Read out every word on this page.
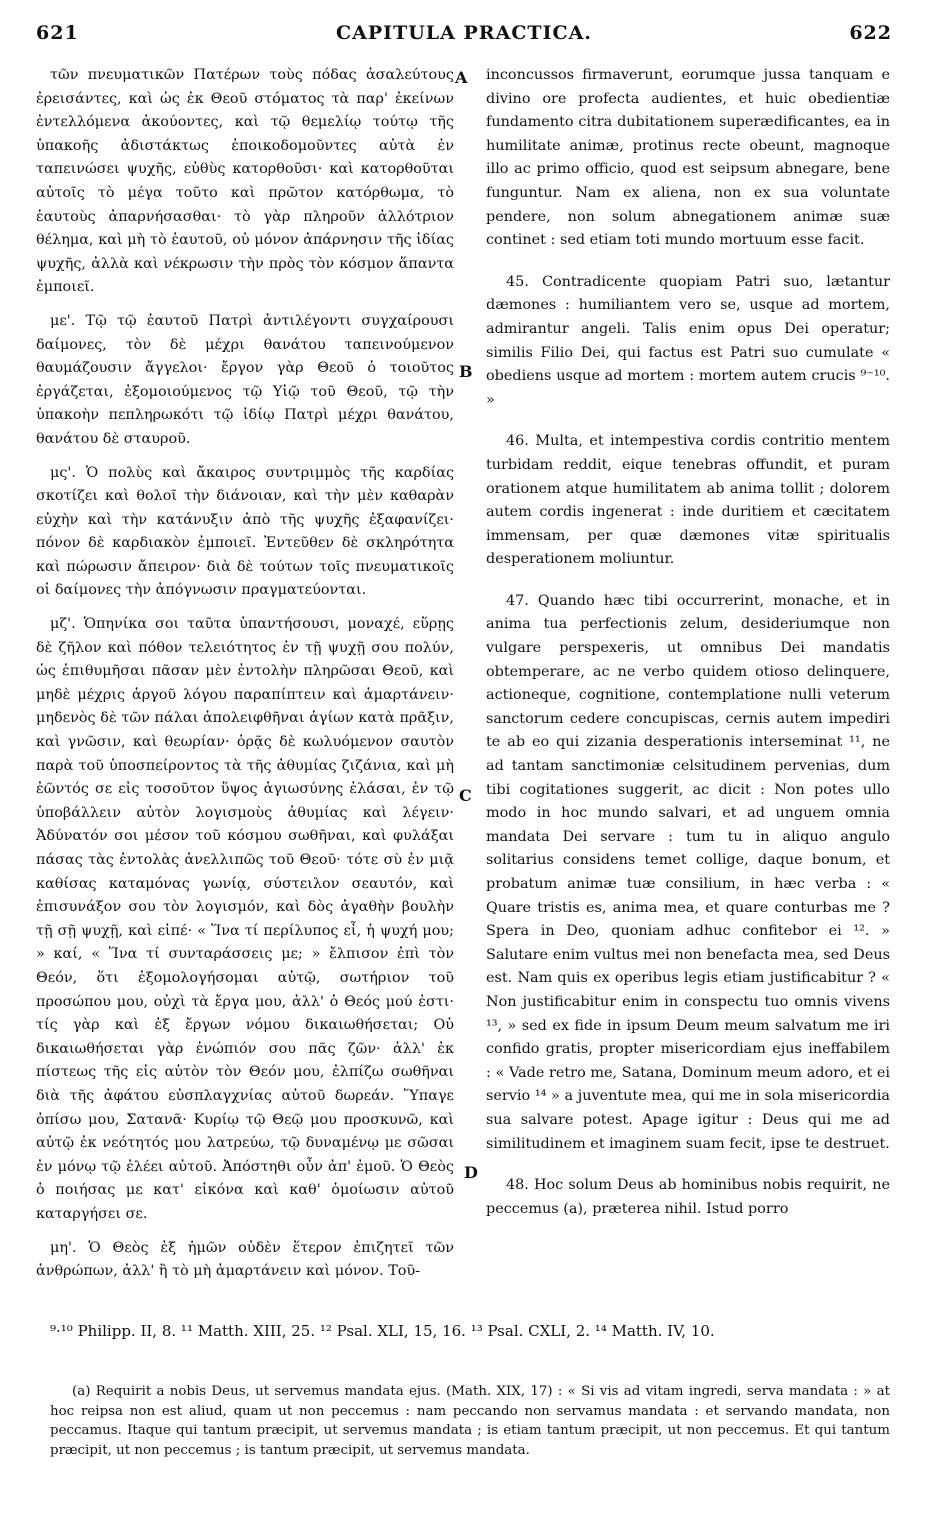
621	CAPITULA PRACTICA.	622

τῶν πνευματικῶν Πατέρων τοὺς πόδας ἀσαλεύτους ἐρεισάντες, καὶ ὡς ἐκ Θεοῦ στόματος τὰ παρ' ἐκείνων ἐντελλόμενα ἀκούοντες, καὶ τῷ θεμελίῳ τούτῳ τῆς ὑπακοῆς ἀδιστάκτως ἐποικοδομοῦντες αὐτὰ ἐν ταπεινώσει ψυχῆς, εὐθὺς κατορθοῦσι· καὶ κατορθοῦται αὐτοῖς τὸ μέγα τοῦτο καὶ πρῶτον κατόρθωμα, τὸ ἑαυτοὺς ἀπαρνήσασθαι· τὸ γὰρ πληροῦν ἀλλότριον θέλημα, καὶ μὴ τὸ ἑαυτοῦ, οὐ μόνον ἀπάρνησιν τῆς ἰδίας ψυχῆς, ἀλλὰ καὶ νέκρωσιν τὴν πρὸς τὸν κόσμον ἅπαντα ἐμποιεῖ.

με'. Τῷ τῷ ἑαυτοῦ Πατρὶ ἀντιλέγοντι συγχαίρουσι δαίμονες, τὸν δὲ μέχρι θανάτου ταπεινούμενον θαυμάζουσιν ἄγγελοι· ἔργον γὰρ Θεοῦ ὁ τοιοῦτος ἐργάζεται, ἐξομοιούμενος τῷ Υἱῷ τοῦ Θεοῦ, τῷ τὴν ὑπακοὴν πεπληρωκότι τῷ ἰδίῳ Πατρὶ μέχρι θανάτου, θανάτου δὲ σταυροῦ.

μς'. Ὁ πολὺς καὶ ἄκαιρος συντριμμὸς τῆς καρδίας σκοτίζει καὶ θολοῖ τὴν διάνοιαν, καὶ τὴν μὲν καθαρὰν εὐχὴν καὶ τὴν κατάνυξιν ἀπὸ τῆς ψυχῆς ἐξαφανίζει· πόνον δὲ καρδιακὸν ἐμποιεῖ. Ἐντεῦθεν δὲ σκληρότητα καὶ πώρωσιν ἄπειρον· διὰ δὲ τούτων τοῖς πνευματικοῖς οἱ δαίμονες τὴν ἀπόγνωσιν πραγματεύονται.

μζ'. Ὁπηνίκα σοι ταῦτα ὑπαντήσουσι, μοναχέ, εὕρῃς δὲ ζῆλον καὶ πόθον τελειότητος ἐν τῇ ψυχῇ σου πολύν, ὡς ἐπιθυμῆσαι πᾶσαν μὲν ἐντολὴν πληρῶσαι Θεοῦ, καὶ μηδὲ μέχρις ἀργοῦ λόγου παραπίπτειν καὶ ἁμαρτάνειν· μηδενὸς δὲ τῶν πάλαι ἀπολειφθῆναι ἁγίων κατὰ πρᾶξιν, καὶ γνῶσιν, καὶ θεωρίαν· ὁρᾷς δὲ κωλυόμενον σαυτὸν παρὰ τοῦ ὑποσπείροντος τὰ τῆς ἀθυμίας ζιζάνια, καὶ μὴ ἐῶντός σε εἰς τοσοῦτον ὕψος ἁγιωσύνης ἐλάσαι, ἐν τῷ ὑποβάλλειν αὐτὸν λογισμοὺς ἀθυμίας καὶ λέγειν· Ἀδύνατόν σοι μέσον τοῦ κόσμου σωθῆναι, καὶ φυλάξαι πάσας τὰς ἐντολὰς ἀνελλιπῶς τοῦ Θεοῦ· τότε σὺ ἐν μιᾷ καθίσας καταμόνας γωνίᾳ, σύστειλον σεαυτόν, καὶ ἐπισυνάξον σου τὸν λογισμόν, καὶ δὸς ἀγαθὴν βουλὴν τῇ σῇ ψυχῇ, καὶ εἰπέ· « Ἵνα τί περίλυπος εἶ, ἡ ψυχή μου; » καί, « Ἵνα τί συνταράσσεις με; » ἔλπισον ἐπὶ τὸν Θεόν, ὅτι ἐξομολογήσομαι αὐτῷ, σωτήριον τοῦ προσώπου μου, οὐχὶ τὰ ἔργα μου, ἀλλ' ὁ Θεός μού ἐστι· τίς γὰρ καὶ ἐξ ἔργων νόμου δικαιωθήσεται; Οὐ δικαιωθήσεται γὰρ ἐνώπιόν σου πᾶς ζῶν· ἀλλ' ἐκ πίστεως τῆς εἰς αὐτὸν τὸν Θεόν μου, ἐλπίζω σωθῆναι διὰ τῆς ἀφάτου εὐσπλαγχνίας αὐτοῦ δωρεάν. Ὕπαγε ὀπίσω μου, Σατανᾶ· Κυρίῳ τῷ Θεῷ μου προσκυνῶ, καὶ αὐτῷ ἐκ νεότητός μου λατρεύω, τῷ δυναμένῳ με σῶσαι ἐν μόνῳ τῷ ἐλέει αὐτοῦ. Ἀπόστηθι οὖν ἀπ' ἐμοῦ. Ὁ Θεὸς ὁ ποιήσας με κατ' εἰκόνα καὶ καθ' ὁμοίωσιν αὐτοῦ καταργήσει σε.

μη'. Ὁ Θεὸς ἐξ ἡμῶν οὐδὲν ἕτερον ἐπιζητεῖ τῶν ἀνθρώπων, ἀλλ' ἢ τὸ μὴ ἁμαρτάνειν καὶ μόνον. Τοῦ-

A
B
C
D

inconcussos firmaverunt, eorumque jussa tanquam e divino ore profecta audientes, et huic obedientiæ fundamento citra dubitationem superædificantes, ea in humilitate animæ, protinus recte obeunt, magnoque illo ac primo officio, quod est seipsum abnegare, bene funguntur. Nam ex aliena, non ex sua voluntate pendere, non solum abnegationem animæ suæ continet : sed etiam toti mundo mortuum esse facit.

45. Contradicente quopiam Patri suo, lætantur dæmones : humiliantem vero se, usque ad mortem, admirantur angeli. Talis enim opus Dei operatur; similis Filio Dei, qui factus est Patri suo cumulate « obediens usque ad mortem : mortem autem crucis ⁹⁻¹⁰. »

46. Multa, et intempestiva cordis contritio mentem turbidam reddit, eique tenebras offundit, et puram orationem atque humilitatem ab anima tollit ; dolorem autem cordis ingenerat : inde duritiem et cæcitatem immensam, per quæ dæmones vitæ spiritualis desperationem moliuntur.

47. Quando hæc tibi occurrerint, monache, et in anima tua perfectionis zelum, desideriumque non vulgare perspexeris, ut omnibus Dei mandatis obtemperare, ac ne verbo quidem otioso delinquere, actioneque, cognitione, contemplatione nulli veterum sanctorum cedere concupiscas, cernis autem impediri te ab eo qui zizania desperationis interseminat ¹¹, ne ad tantam sanctimoniæ celsitudinem pervenias, dum tibi cogitationes suggerit, ac dicit : Non potes ullo modo in hoc mundo salvari, et ad unguem omnia mandata Dei servare : tum tu in aliquo angulo solitarius considens temet collige, daque bonum, et probatum animæ tuæ consilium, in hæc verba : « Quare tristis es, anima mea, et quare conturbas me ? Spera in Deo, quoniam adhuc confitebor ei ¹². » Salutare enim vultus mei non benefacta mea, sed Deus est. Nam quis ex operibus legis etiam justificabitur ? « Non justificabitur enim in conspectu tuo omnis vivens ¹³, » sed ex fide in ipsum Deum meum salvatum me iri confido gratis, propter misericordiam ejus ineffabilem : « Vade retro me, Satana, Dominum meum adoro, et ei servio ¹⁴ » a juventute mea, qui me in sola misericordia sua salvare potest. Apage igitur : Deus qui me ad similitudinem et imaginem suam fecit, ipse te destruet.

48. Hoc solum Deus ab hominibus nobis requirit, ne peccemus (a), præterea nihil. Istud porro

⁹·¹⁰ Philipp. II, 8. ¹¹ Matth. XIII, 25. ¹² Psal. XLI, 15, 16. ¹³ Psal. CXLI, 2. ¹⁴ Matth. IV, 10.

(a) Requirit a nobis Deus, ut servemus mandata ejus. (Math. XIX, 17) : « Si vis ad vitam ingredi, serva mandata : » at hoc reipsa non est aliud, quam ut non peccemus : nam peccando non servamus mandata : et servando mandata, non peccamus. Itaque qui tantum præcipit, ut servemus mandata ; is etiam tantum præcipit, ut non peccemus. Et qui tantum præcipit, ut non peccemus ; is tantum præcipit, ut servemus mandata.
